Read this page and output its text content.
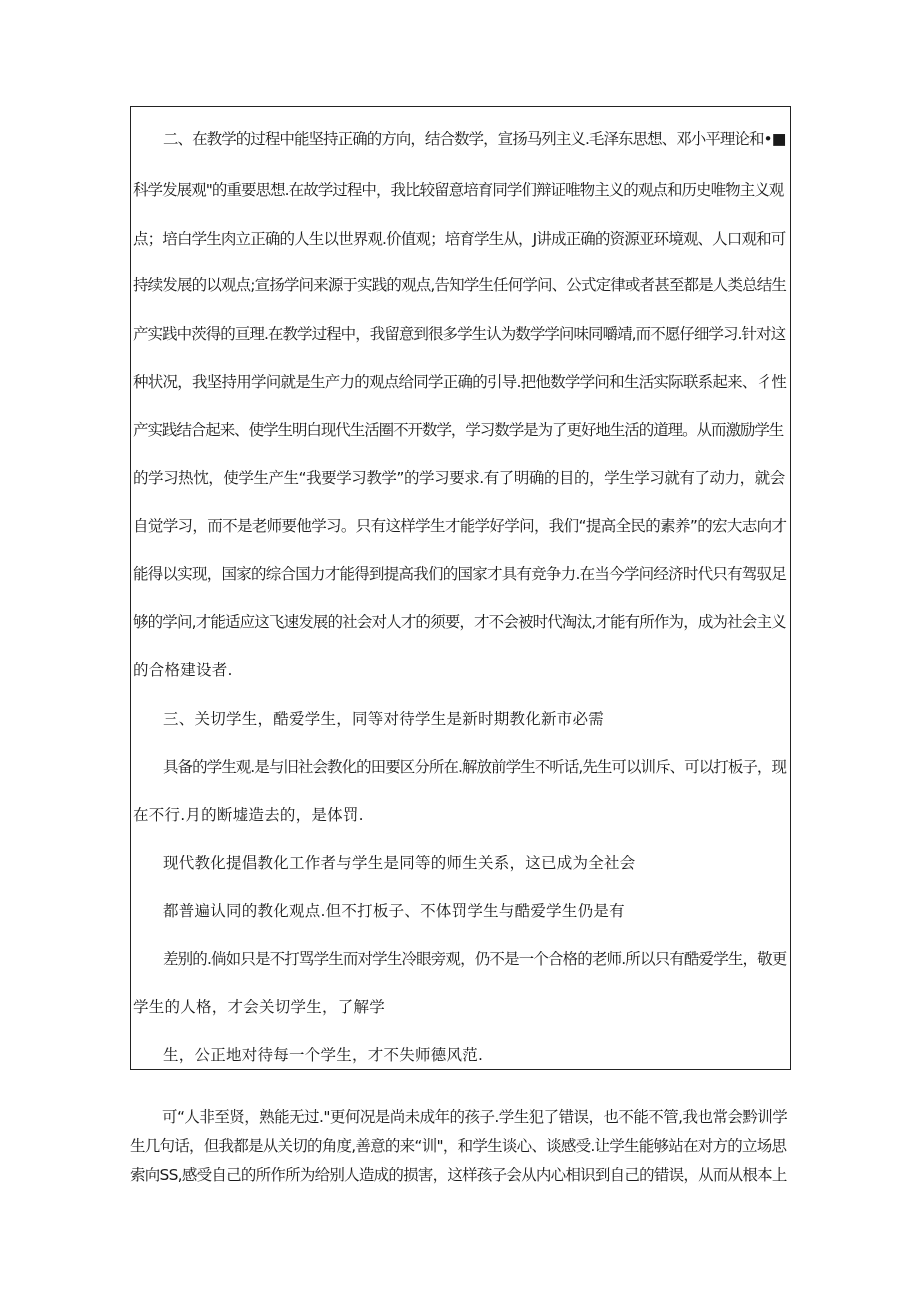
二、在教学的过程中能坚持正确的方向，结合数学，宣扬马列主义.毛泽东思想、邓小平理论和•■
科学发展观"的重要思想.在故学过程中，我比较留意培育同学们辩证唯物主义的观点和历史唯物主义观
点；培白学生肉立正确的人生以世界观.价值观；培育学生从，J讲成正确的资源亚环境观、人口观和可
持续发展的以观点;宣扬学问来源于实践的观点,告知学生任何学问、公式定律或者甚至都是人类总结生
产实践中茨得的亘理.在教学过程中，我留意到很多学生认为数学学问味同嚼靖,而不愿仔细学习.针对这
种状况，我坚持用学问就是生产力的观点给同学正确的引导.把他数学学问和生活实际联系起来、彳性
产实践结合起来、使学生明白现代生活圈不开数学，学习数学是为了更好地生活的道理。从而激励学生
的学习热忱，使学生产生“我要学习教学”的学习要求.有了明确的目的，学生学习就有了动力，就会
自觉学习，而不是老师要他学习。只有这样学生才能学好学问，我们“提高全民的素养”的宏大志向才
能得以实现，国家的综合国力才能得到提高我们的国家才具有竞争力.在当今学问经济时代只有驾驭足
够的学问,才能适应这飞速发展的社会对人才的须要，才不会被时代淘汰,才能有所作为，成为社会主义
的合格建设者.
三、关切学生，酷爱学生，同等对待学生是新时期教化新市必需
具备的学生观.是与旧社会教化的田要区分所在.解放前学生不听话,先生可以训斥、可以打板子，现
在不行.月的断墟造去的，是体罚.
现代教化提倡教化工作者与学生是同等的师生关系，这已成为全社会
都普遍认同的教化观点.但不打板子、不体罚学生与酷爱学生仍是有
差别的.倘如只是不打骂学生而对学生冷眼旁观，仍不是一个合格的老师.所以只有酷爱学生，敬更
学生的人格，才会关切学生，了解学
生，公正地对待每一个学生，才不失师德风范.
可“人非至贤，熟能无过."更何况是尚未成年的孩子.学生犯了错误，也不能不管,我也常会黔训学
生几句话，但我都是从关切的角度,善意的来“训"，和学生谈心、谈感受.让学生能够站在对方的立场思
索向SS,感受自己的所作所为给别人造成的损害，这样孩子会从内心相识到自己的错误，从而从根本上
